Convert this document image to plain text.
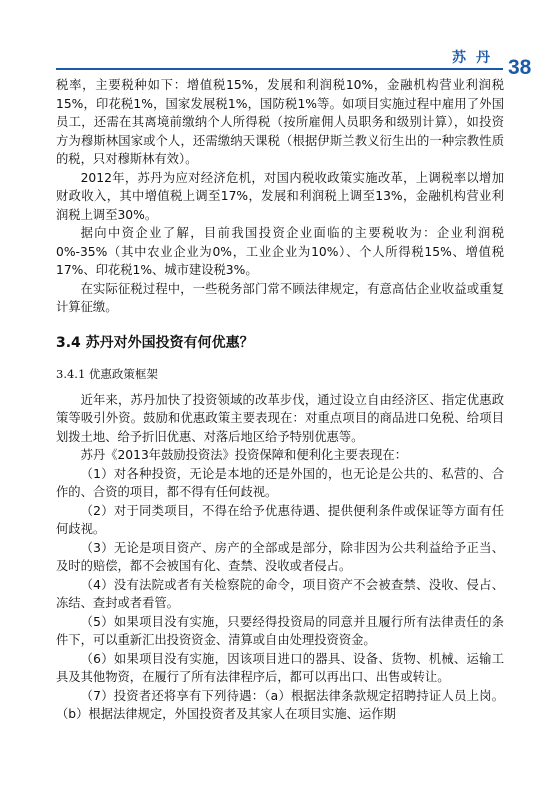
苏丹 38

税率，主要税种如下：增值税15%，发展和利润税10%，金融机构营业利润税15%，印花税1%，国家发展税1%，国防税1%等。如项目实施过程中雇用了外国员工，还需在其离境前缴纳个人所得税（按所雇佣人员职务和级别计算），如投资方为穆斯林国家或个人，还需缴纳天课税（根据伊斯兰教义衍生出的一种宗教性质的税，只对穆斯林有效）。

2012年，苏丹为应对经济危机，对国内税收政策实施改革，上调税率以增加财政收入，其中增值税上调至17%，发展和利润税上调至13%，金融机构营业利润税上调至30%。

据向中资企业了解，目前我国投资企业面临的主要税收为：企业利润税0%-35%（其中农业企业为0%，工业企业为10%）、个人所得税15%、增值税17%、印花税1%、城市建设税3%。

在实际征税过程中，一些税务部门常不顾法律规定，有意高估企业收益或重复计算征缴。

3.4 苏丹对外国投资有何优惠？

3.4.1 优惠政策框架

近年来，苏丹加快了投资领域的改革步伐，通过设立自由经济区、指定优惠政策等吸引外资。鼓励和优惠政策主要表现在：对重点项目的商品进口免税、给项目划拨土地、给予折旧优惠、对落后地区给予特别优惠等。

苏丹《2013年鼓励投资法》投资保障和便利化主要表现在：

（1）对各种投资，无论是本地的还是外国的，也无论是公共的、私营的、合作的、合资的项目，都不得有任何歧视。

（2）对于同类项目，不得在给予优惠待遇、提供便利条件或保证等方面有任何歧视。

（3）无论是项目资产、房产的全部或是部分，除非因为公共利益给予正当、及时的赔偿，都不会被国有化、查禁、没收或者侵占。

（4）没有法院或者有关检察院的命令，项目资产不会被查禁、没收、侵占、冻结、查封或者看管。

（5）如果项目没有实施，只要经得投资局的同意并且履行所有法律责任的条件下，可以重新汇出投资资金、清算或自由处理投资资金。

（6）如果项目没有实施，因该项目进口的器具、设备、货物、机械、运输工具及其他物资，在履行了所有法律程序后，都可以再出口、出售或转让。

（7）投资者还将享有下列待遇：（a）根据法律条款规定招聘持证人员上岗。（b）根据法律规定，外国投资者及其家人在项目实施、运作期
